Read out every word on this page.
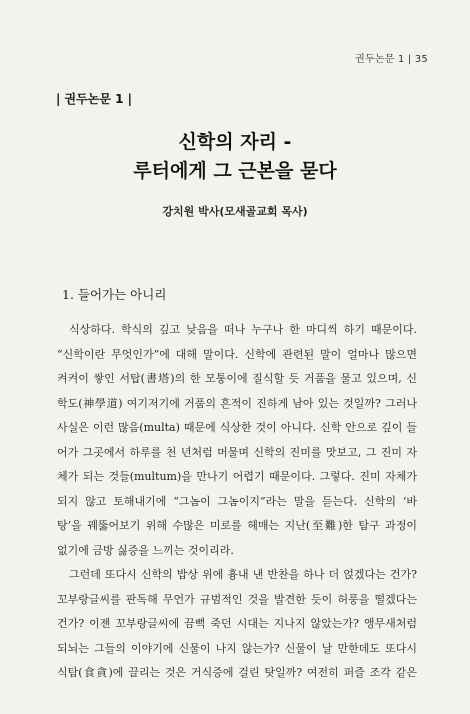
권두논문 1 | 35
| 권두논문 1 |
신학의 자리 -
루터에게 그 근본을 묻다
강치원 박사(모새골교회 목사)
1. 들어가는 아니리
식상하다. 학식의 깊고 낮음을 떠나 누구나 한 마디씩 하기 때문이다.
“신학이란 무엇인가”에 대해 말이다. 신학에 관련된 말이 얼마나 많으면
켜켜이 쌓인 서탑(書塔)의 한 모퉁이에 질식할 듯 거품을 물고 있으며, 신
학도(神學道) 여기저기에 거품의 흔적이 진하게 남아 있는 것일까? 그러나
사실은 이런 많음(multa) 때문에 식상한 것이 아니다. 신학 안으로 깊이 들
어가 그곳에서 하루를 천 년처럼 머물며 신학의 진미를 맛보고, 그 진미 자
체가 되는 것들(multum)을 만나기 어렵기 때문이다. 그렇다. 진미 자체가
되지 않고 토해내기에 “그놈이 그놈이지”라는 말을 듣는다. 신학의 ‘바
탕’을 꿰뚫어보기 위해 수많은 미로를 헤매는 지난(至難)한 탐구 과정이
없기에 금방 싫증을 느끼는 것이리라.
그런데 또다시 신학의 밥상 위에 흉내 낸 반찬을 하나 더 얹겠다는 건가?
꼬부랑글씨를 판독해 무언가 규범적인 것을 발견한 듯이 허풍을 떨겠다는
건가? 이젠 꼬부랑글씨에 끔뻑 죽던 시대는 지나지 않았는가? 앵무새처럼
되뇌는 그들의 이야기에 신물이 나지 않는가? 신물이 날 만한데도 또다시
식탐(食貪)에 끌리는 것은 거식증에 걸린 탓일까? 여전히 퍼즐 조각 같은
